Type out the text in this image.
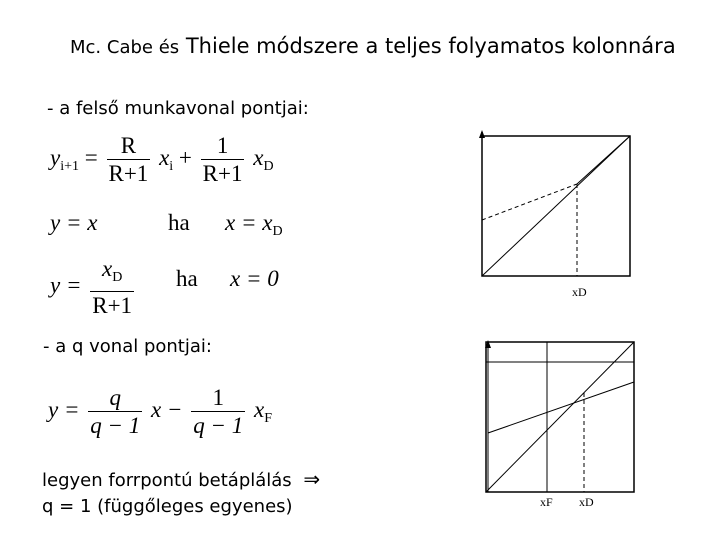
Mc. Cabe és Thiele módszere a teljes folyamatos kolonnára
- a felső munkavonal pontjai:
$y_{i+1} = \frac{R}{R+1} x_i + \frac{1}{R+1} x_D$
y = x	ha $x = x_D$
$y = \frac{x_D}{R+1}$ ha x = 0
xD
- a q vonal pontjai:
$y = \frac{q}{q - 1}$ $x - \frac{1}{q - 1} x_F$
legyen forrpontú betáplálás ⇒
q = 1 (függőleges egyenes)	xF xD
